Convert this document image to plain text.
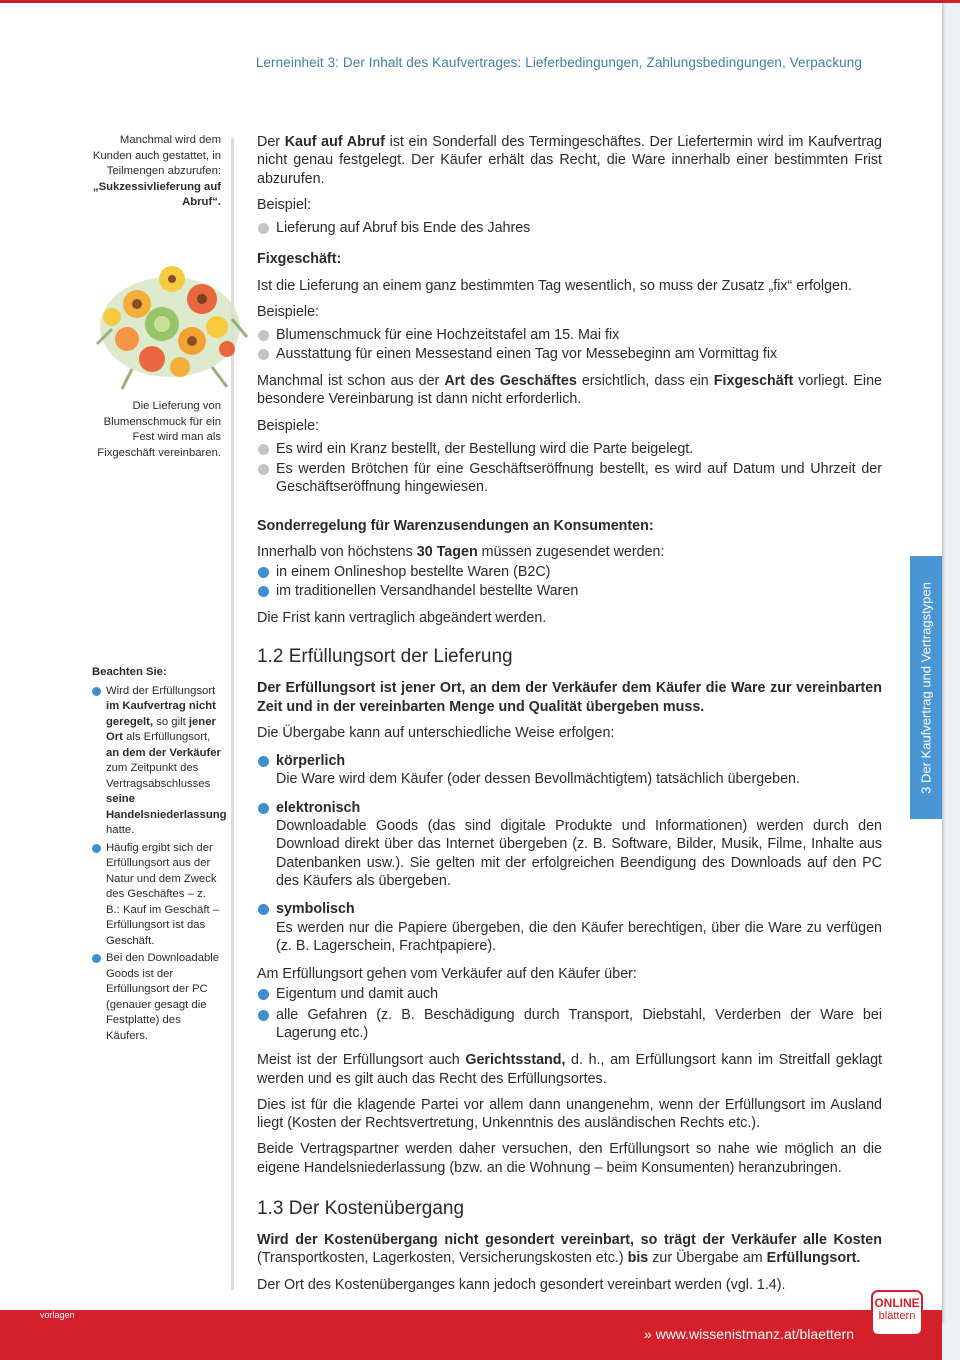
Lerneinheit 3: Der Inhalt des Kaufvertrages: Lieferbedingungen, Zahlungsbedingungen, Verpackung
Manchmal wird dem Kunden auch gestattet, in Teilmengen abzurufen: „Sukzessivlieferung auf Abruf“.
Die Lieferung von Blumenschmuck für ein Fest wird man als Fixgeschäft vereinbaren.
Beachten Sie:
Wird der Erfüllungsort im Kaufvertrag nicht geregelt, so gilt jener Ort als Erfüllungsort, an dem der Verkäufer zum Zeitpunkt des Vertragsabschlusses seine Handelsniederlassung hatte.
Häufig ergibt sich der Erfüllungsort aus der Natur und dem Zweck des Geschäftes – z. B.: Kauf im Geschäft – Erfüllungsort ist das Geschäft.
Bei den Downloadable Goods ist der Erfüllungsort der PC (genauer gesagt die Festplatte) des Käufers.

Der Kauf auf Abruf ist ein Sonderfall des Termingeschäftes. Der Liefertermin wird im Kaufvertrag nicht genau festgelegt. Der Käufer erhält das Recht, die Ware innerhalb einer bestimmten Frist abzurufen.

Beispiel:

Lieferung auf Abruf bis Ende des Jahres

Fixgeschäft:

Ist die Lieferung an einem ganz bestimmten Tag wesentlich, so muss der Zusatz „fix“ erfolgen.

Beispiele:

Blumenschmuck für eine Hochzeitstafel am 15. Mai fix
Ausstattung für einen Messestand einen Tag vor Messebeginn am Vormittag fix

Manchmal ist schon aus der Art des Geschäftes ersichtlich, dass ein Fixgeschäft vorliegt. Eine besondere Vereinbarung ist dann nicht erforderlich.

Beispiele:

Es wird ein Kranz bestellt, der Bestellung wird die Parte beigelegt.
Es werden Brötchen für eine Geschäftseröffnung bestellt, es wird auf Datum und Uhrzeit der Geschäftseröffnung hingewiesen.

Sonderregelung für Warenzusendungen an Konsumenten:

Innerhalb von höchstens 30 Tagen müssen zugesendet werden:

in einem Onlineshop bestellte Waren (B2C)
im traditionellen Versandhandel bestellte Waren

Die Frist kann vertraglich abgeändert werden.

1.2 Erfüllungsort der Lieferung

Der Erfüllungsort ist jener Ort, an dem der Verkäufer dem Käufer die Ware zur vereinbarten Zeit und in der vereinbarten Menge und Qualität übergeben muss.

Die Übergabe kann auf unterschiedliche Weise erfolgen:

körperlich

Die Ware wird dem Käufer (oder dessen Bevollmächtigtem) tatsächlich übergeben.

elektronisch

Downloadable Goods (das sind digitale Produkte und Informationen) werden durch den Download direkt über das Internet übergeben (z. B. Software, Bilder, Musik, Filme, Inhalte aus Datenbanken usw.). Sie gelten mit der erfolgreichen Beendigung des Downloads auf den PC des Käufers als übergeben.

symbolisch

Es werden nur die Papiere übergeben, die den Käufer berechtigen, über die Ware zu verfügen (z. B. Lagerschein, Frachtpapiere).

Am Erfüllungsort gehen vom Verkäufer auf den Käufer über:

Eigentum und damit auch
alle Gefahren (z. B. Beschädigung durch Transport, Diebstahl, Verderben der Ware bei Lagerung etc.)

Meist ist der Erfüllungsort auch Gerichtsstand, d. h., am Erfüllungsort kann im Streitfall geklagt werden und es gilt auch das Recht des Erfüllungsortes.

Dies ist für die klagende Partei vor allem dann unangenehm, wenn der Erfüllungsort im Ausland liegt (Kosten der Rechtsvertretung, Unkenntnis des ausländischen Rechts etc.).

Beide Vertragspartner werden daher versuchen, den Erfüllungsort so nahe wie möglich an die eigene Handelsniederlassung (bzw. an die Wohnung – beim Konsumenten) heranzubringen.

1.3 Der Kostenübergang

Wird der Kostenübergang nicht gesondert vereinbart, so trägt der Verkäufer alle Kosten (Transportkosten, Lagerkosten, Versicherungskosten etc.) bis zur Übergabe am Erfüllungsort.

Der Ort des Kostenüberganges kann jedoch gesondert vereinbart werden (vgl. 1.4).

3 Der Kaufvertrag und Vertragstypen
vorlagen
» www.wissenistmanz.at/blaettern
ONLINE
blättern
